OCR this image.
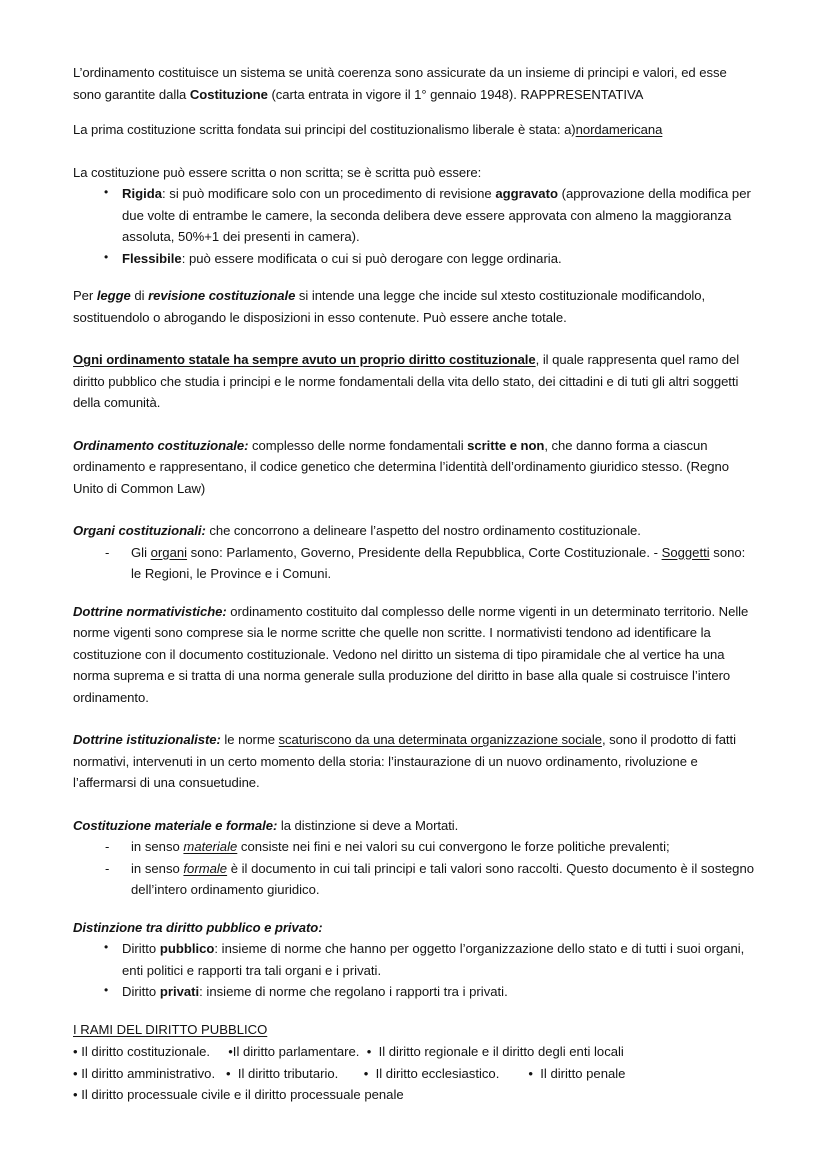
L’ordinamento costituisce un sistema se unità coerenza sono assicurate da un insieme di principi e valori, ed esse sono garantite dalla Costituzione (carta entrata in vigore il 1° gennaio 1948). RAPPRESENTATIVA

La prima costituzione scritta fondata sui principi del costituzionalismo liberale è stata: a)nordamericana

La costituzione può essere scritta o non scritta; se è scritta può essere:

• Rigida: si può modificare solo con un procedimento di revisione aggravato (approvazione della modifica per due volte di entrambe le camere, la seconda delibera deve essere approvata con almeno la maggioranza assoluta, 50%+1 dei presenti in camera).
• Flessibile: può essere modificata o cui si può derogare con legge ordinaria.

Per legge di revisione costituzionale si intende una legge che incide sul xtesto costituzionale modificandolo, sostituendolo o abrogando le disposizioni in esso contenute. Può essere anche totale.

Ogni ordinamento statale ha sempre avuto un proprio diritto costituzionale, il quale rappresenta quel ramo del diritto pubblico che studia i principi e le norme fondamentali della vita dello stato, dei cittadini e di tuti gli altri soggetti della comunità.

Ordinamento costituzionale: complesso delle norme fondamentali scritte e non, che danno forma a ciascun ordinamento e rappresentano, il codice genetico che determina l’identità dell’ordinamento giuridico stesso. (Regno Unito di Common Law)

Organi costituzionali: che concorrono a delineare l’aspetto del nostro ordinamento costituzionale.

- Gli organi sono: Parlamento, Governo, Presidente della Repubblica, Corte Costituzionale. - Soggetti sono: le Regioni, le Province e i Comuni.

Dottrine normativistiche: ordinamento costituito dal complesso delle norme vigenti in un determinato territorio. Nelle norme vigenti sono comprese sia le norme scritte che quelle non scritte. I normativisti tendono ad identificare la costituzione con il documento costituzionale. Vedono nel diritto un sistema di tipo piramidale che al vertice ha una norma suprema e si tratta di una norma generale sulla produzione del diritto in base alla quale si costruisce l’intero ordinamento.

Dottrine istituzionaliste: le norme scaturiscono da una determinata organizzazione sociale, sono il prodotto di fatti normativi, intervenuti in un certo momento della storia: l’instaurazione di un nuovo ordinamento, rivoluzione e l’affermarsi di una consuetudine.

Costituzione materiale e formale: la distinzione si deve a Mortati.

- in senso materiale consiste nei fini e nei valori su cui convergono le forze politiche prevalenti;
- in senso formale è il documento in cui tali principi e tali valori sono raccolti. Questo documento è il sostegno dell’intero ordinamento giuridico.

Distinzione tra diritto pubblico e privato:

• Diritto pubblico: insieme di norme che hanno per oggetto l’organizzazione dello stato e di tutti i suoi organi, enti politici e rapporti tra tali organi e i privati.
• Diritto privati: insieme di norme che regolano i rapporti tra i privati.

I RAMI DEL DIRITTO PUBBLICO

• Il diritto costituzionale.     •Il diritto parlamentare.  •  Il diritto regionale e il diritto degli enti locali
• Il diritto amministrativo.   •  Il diritto tributario.       •  Il diritto ecclesiastico.        •  Il diritto penale
• Il diritto processuale civile e il diritto processuale penale
